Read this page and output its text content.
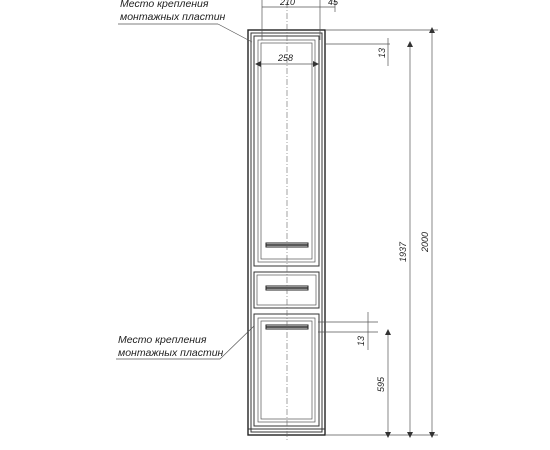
210	45
258	13
1937 2000
13
595
Место крепления
монтажных пластин
Место крепления
монтажных пластин
